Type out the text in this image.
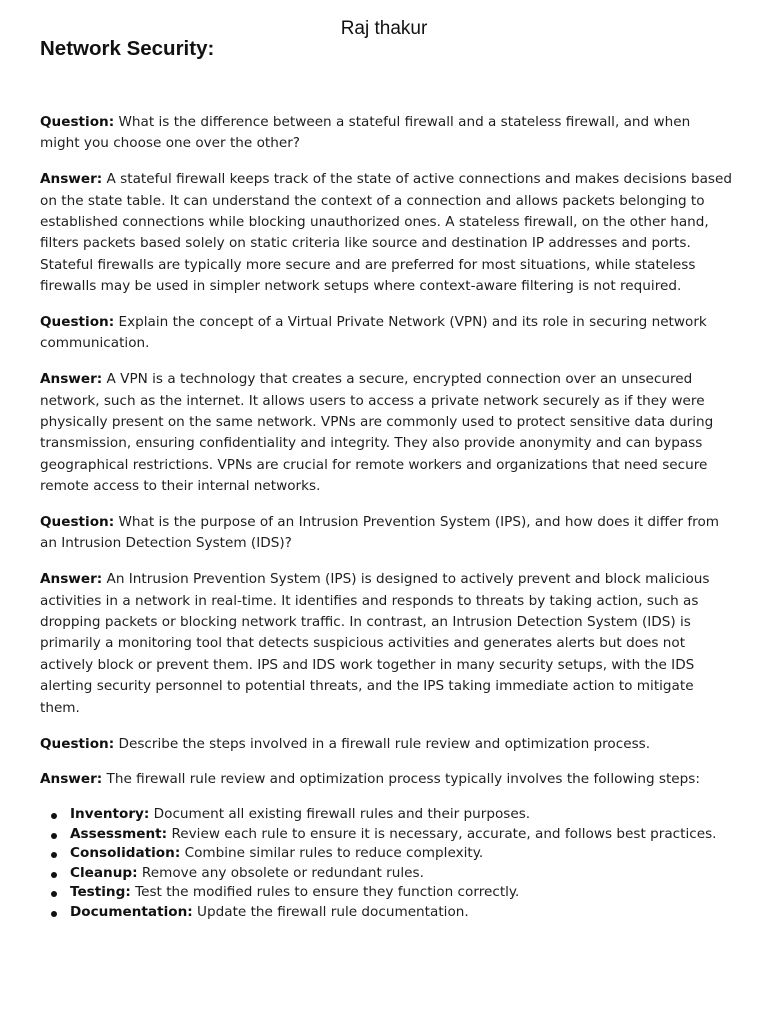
Raj thakur
Network Security:

Question: What is the difference between a stateful firewall and a stateless firewall, and when might you choose one over the other?

Answer: A stateful firewall keeps track of the state of active connections and makes decisions based on the state table. It can understand the context of a connection and allows packets belonging to established connections while blocking unauthorized ones. A stateless firewall, on the other hand, filters packets based solely on static criteria like source and destination IP addresses and ports. Stateful firewalls are typically more secure and are preferred for most situations, while stateless firewalls may be used in simpler network setups where context-aware filtering is not required.

Question: Explain the concept of a Virtual Private Network (VPN) and its role in securing network communication.

Answer: A VPN is a technology that creates a secure, encrypted connection over an unsecured network, such as the internet. It allows users to access a private network securely as if they were physically present on the same network. VPNs are commonly used to protect sensitive data during transmission, ensuring confidentiality and integrity. They also provide anonymity and can bypass geographical restrictions. VPNs are crucial for remote workers and organizations that need secure remote access to their internal networks.

Question: What is the purpose of an Intrusion Prevention System (IPS), and how does it differ from an Intrusion Detection System (IDS)?

Answer: An Intrusion Prevention System (IPS) is designed to actively prevent and block malicious activities in a network in real-time. It identifies and responds to threats by taking action, such as dropping packets or blocking network traffic. In contrast, an Intrusion Detection System (IDS) is primarily a monitoring tool that detects suspicious activities and generates alerts but does not actively block or prevent them. IPS and IDS work together in many security setups, with the IDS alerting security personnel to potential threats, and the IPS taking immediate action to mitigate them.

Question: Describe the steps involved in a firewall rule review and optimization process.

Answer: The firewall rule review and optimization process typically involves the following steps:

Inventory: Document all existing firewall rules and their purposes.
Assessment: Review each rule to ensure it is necessary, accurate, and follows best practices.
Consolidation: Combine similar rules to reduce complexity.
Cleanup: Remove any obsolete or redundant rules.
Testing: Test the modified rules to ensure they function correctly.
Documentation: Update the firewall rule documentation.
